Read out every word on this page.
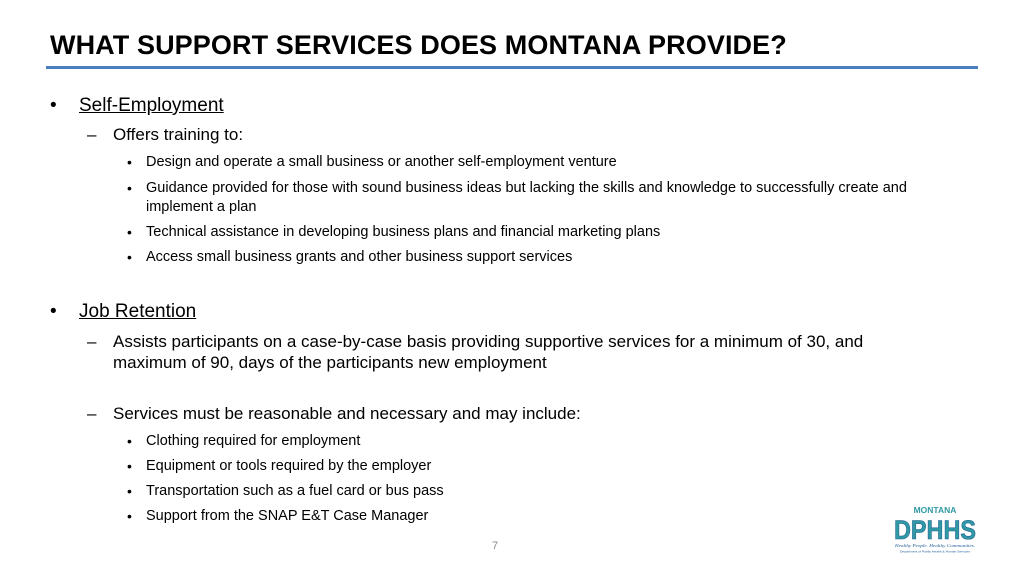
WHAT SUPPORT SERVICES DOES MONTANA PROVIDE?
• Self-Employment
– Offers training to:
• Design and operate a small business or another self-employment venture
• Guidance provided for those with sound business ideas but lacking the skills and knowledge to successfully create and implement a plan
• Technical assistance in developing business plans and financial marketing plans
• Access small business grants and other business support services
• Job Retention
– Assists participants on a case-by-case basis providing supportive services for a minimum of 30, and maximum of 90, days of the participants new employment
– Services must be reasonable and necessary and may include:
• Clothing required for employment
• Equipment or tools required by the employer
• Transportation such as a fuel card or bus pass
• Support from the SNAP E&T Case Manager
7
MONTANA
DPHHS
Healthy People. Healthy Communities.
Department of Public Health & Human Services
